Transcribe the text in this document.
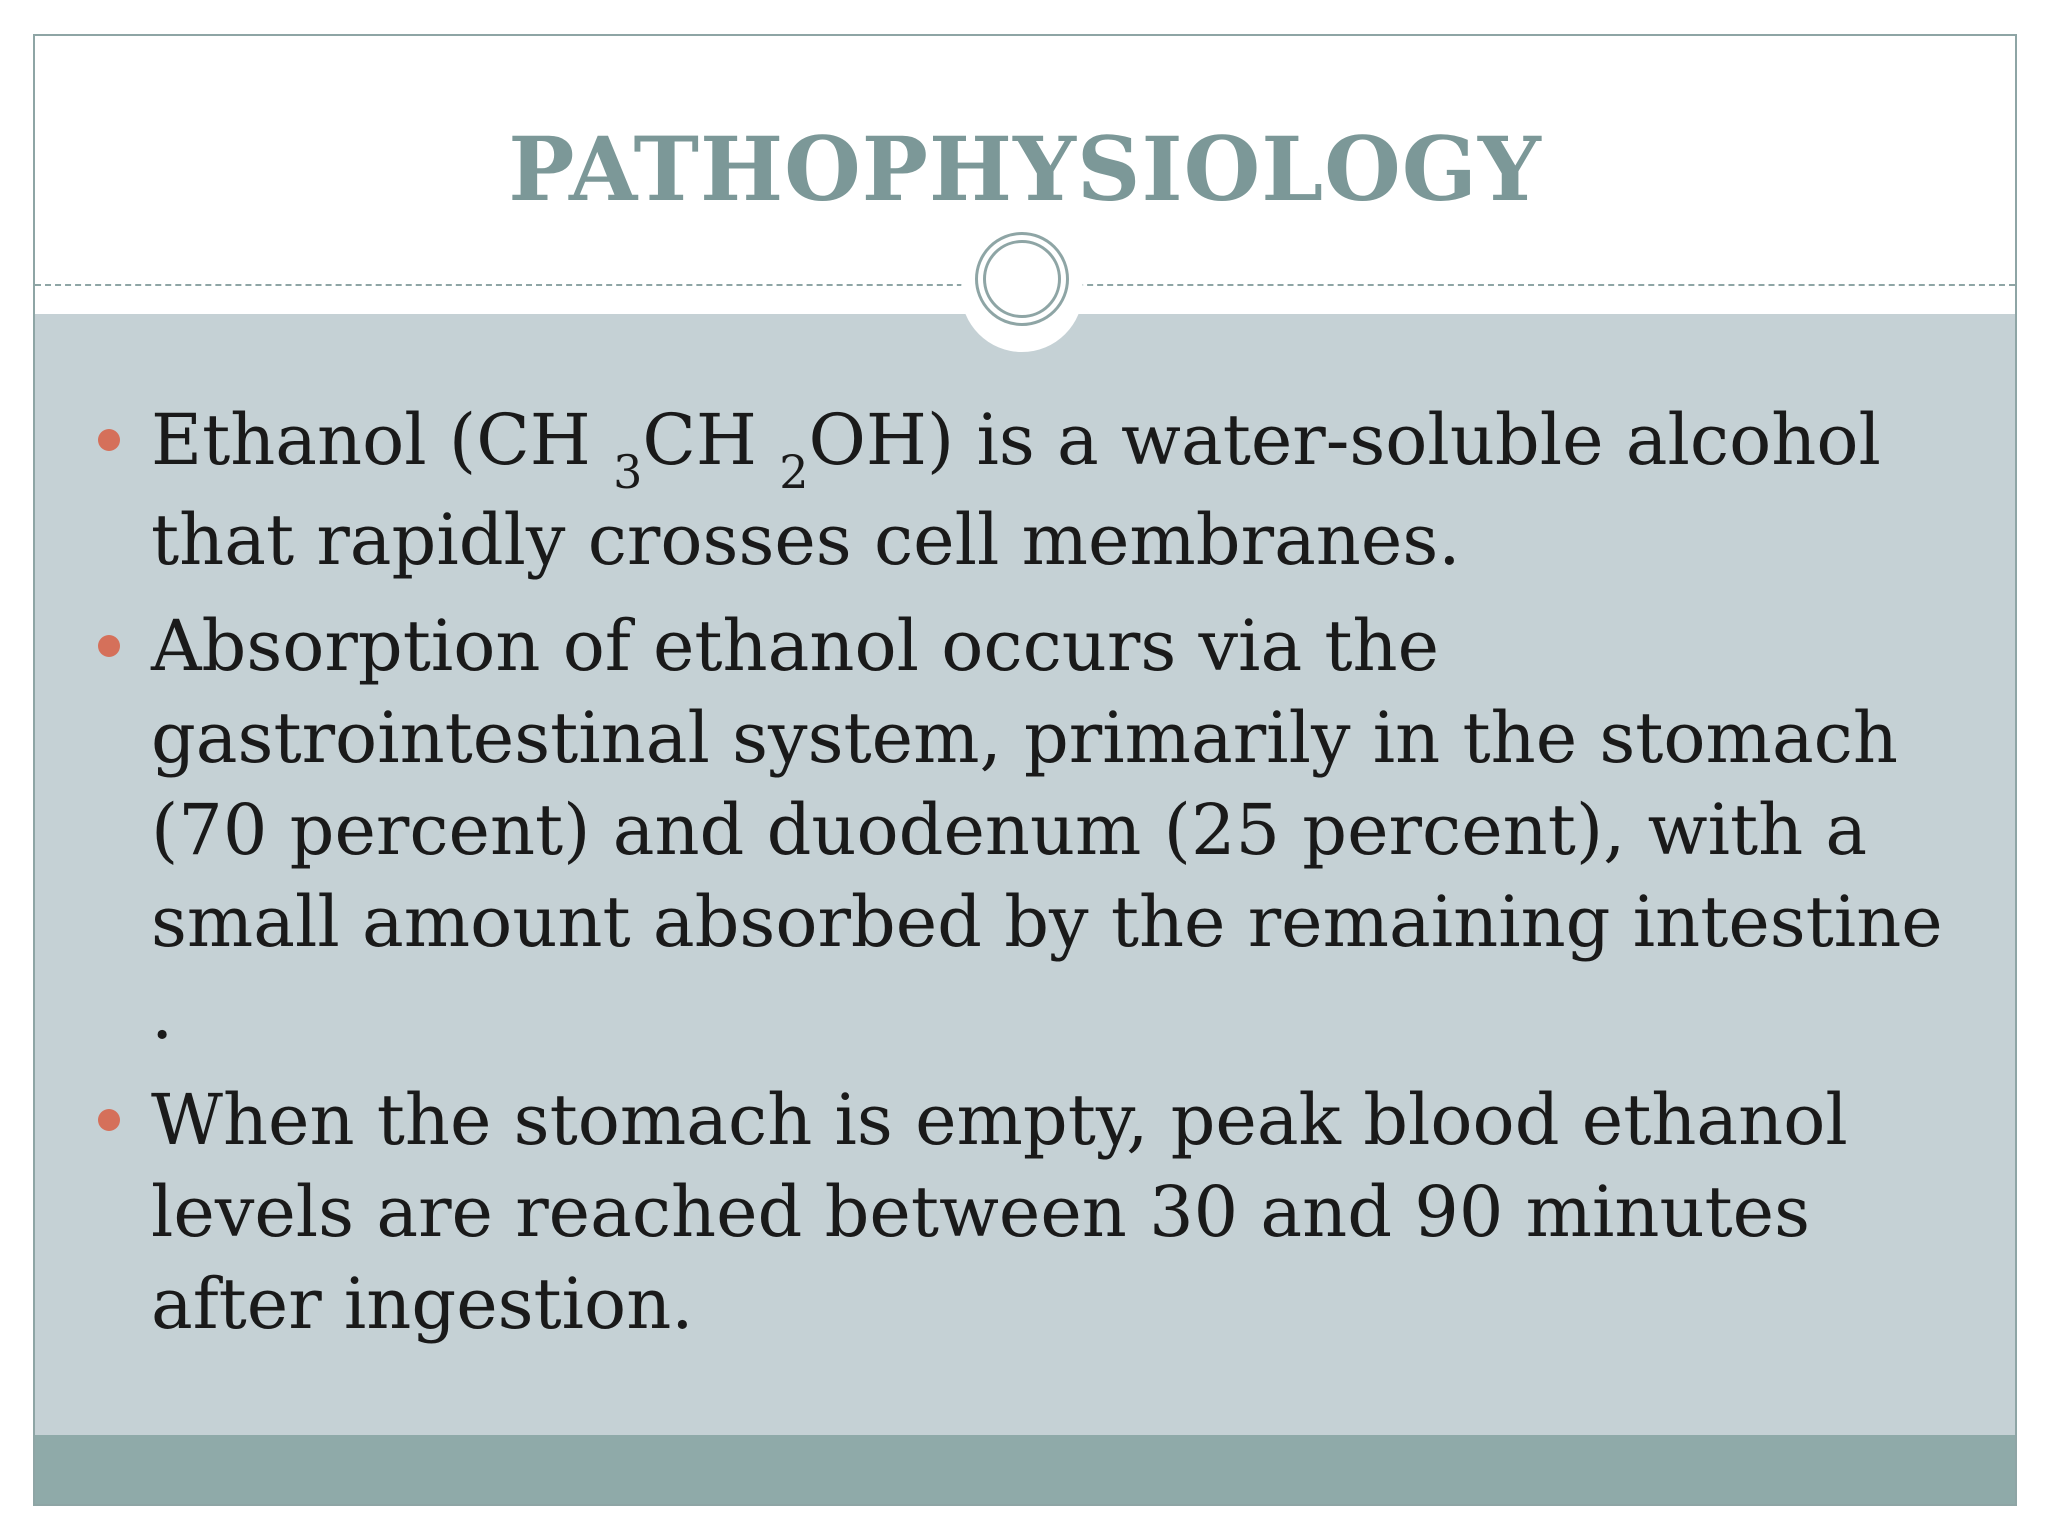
PATHOPHYSIOLOGY
Ethanol (CH $_3$CH $_2$OH) is a water-soluble alcohol that rapidly crosses cell membranes.
Absorption of ethanol occurs via the gastrointestinal system, primarily in the stomach (70 percent) and duodenum (25 percent), with a small amount absorbed by the remaining intestine .
When the stomach is empty, peak blood ethanol levels are reached between 30 and 90 minutes after ingestion.
